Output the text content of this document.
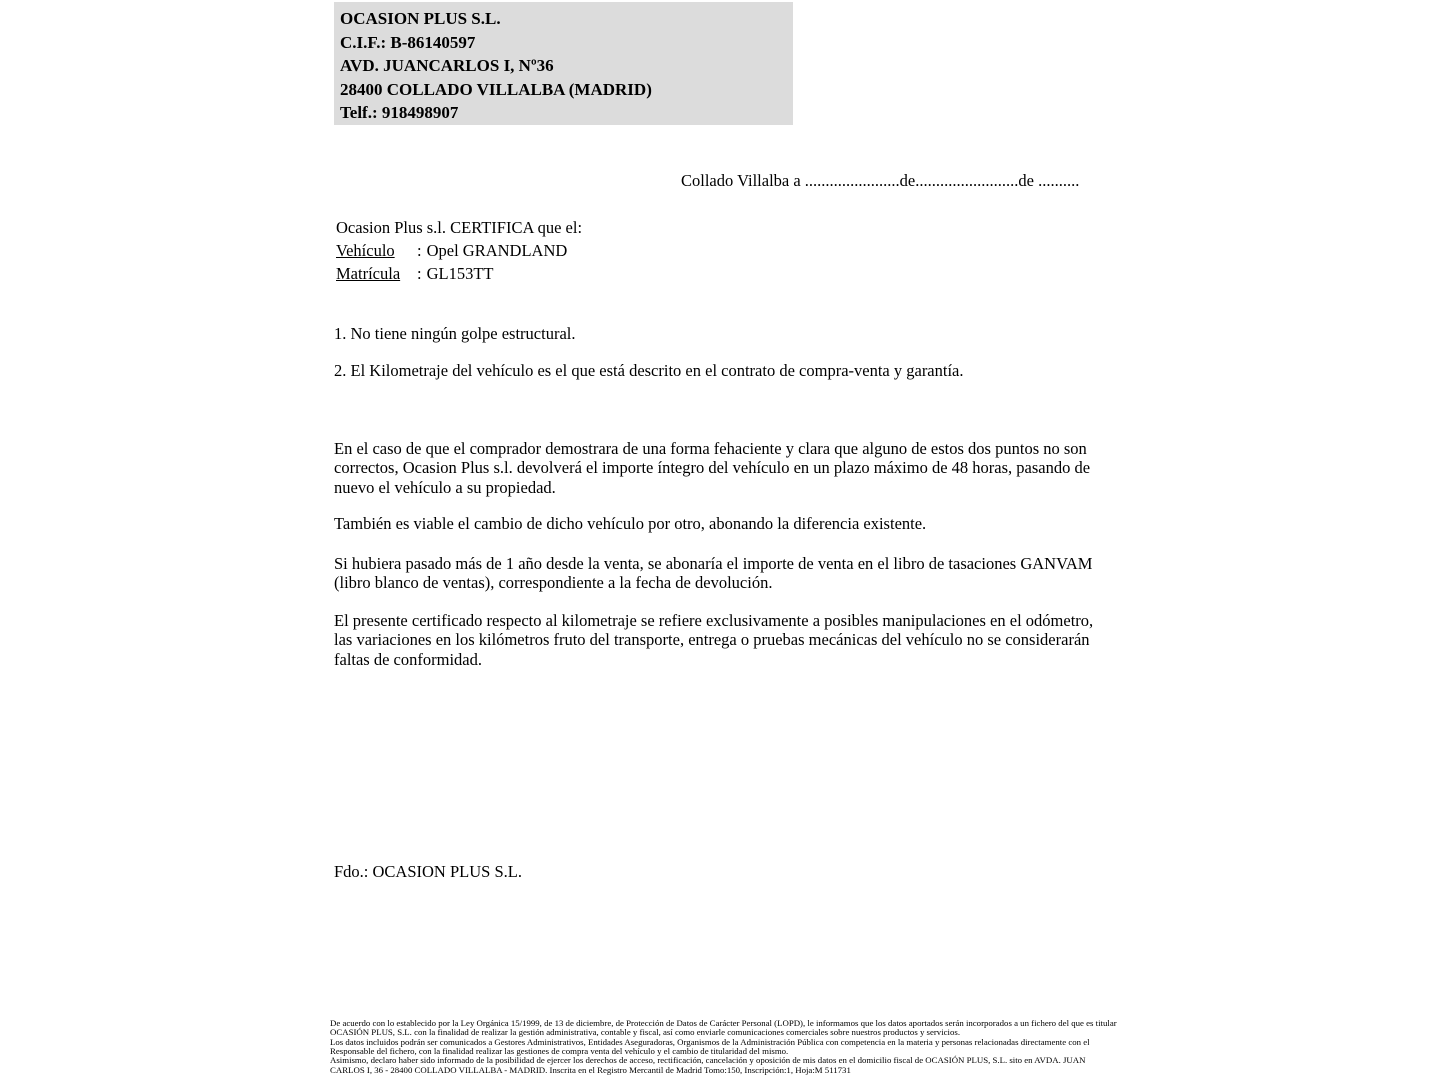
OCASION PLUS S.L.
C.I.F.: B-86140597
AVD. JUANCARLOS I, Nº36
28400 COLLADO VILLALBA (MADRID)
Telf.: 918498907
Collado Villalba a .......................de.........................de ..........
Ocasion Plus s.l. CERTIFICA que el:
Vehículo : Opel GRANDLAND
Matrícula : GL153TT
1. No tiene ningún golpe estructural.
2. El Kilometraje del vehículo es el que está descrito en el contrato de compra-venta y garantía.
En el caso de que el comprador demostrara de una forma fehaciente y clara que alguno de estos dos puntos no son correctos, Ocasion Plus s.l. devolverá el importe íntegro del vehículo en un plazo máximo de 48 horas, pasando de nuevo el vehículo a su propiedad.
También es viable el cambio de dicho vehículo por otro, abonando la diferencia existente.
Si hubiera pasado más de 1 año desde la venta, se abonaría el importe de venta en el libro de tasaciones GANVAM (libro blanco de ventas), correspondiente a la fecha de devolución.
El presente certificado respecto al kilometraje se refiere exclusivamente a posibles manipulaciones en el odómetro, las variaciones en los kilómetros fruto del transporte, entrega o pruebas mecánicas del vehículo no se considerarán faltas de conformidad.
Fdo.: OCASION PLUS S.L.
De acuerdo con lo establecido por la Ley Orgánica 15/1999, de 13 de diciembre, de Protección de Datos de Carácter Personal (LOPD), le informamos que los datos aportados serán incorporados a un fichero del que es titular
OCASIÓN PLUS, S.L. con la finalidad de realizar la gestión administrativa, contable y fiscal, así como enviarle comunicaciones comerciales sobre nuestros productos y servicios.
Los datos incluidos podrán ser comunicados a Gestores Administrativos, Entidades Aseguradoras, Organismos de la Administración Pública con competencia en la materia y personas relacionadas directamente con el
Responsable del fichero, con la finalidad realizar las gestiones de compra venta del vehículo y el cambio de titularidad del mismo.
Asimismo, declaro haber sido informado de la posibilidad de ejercer los derechos de acceso, rectificación, cancelación y oposición de mis datos en el domicilio fiscal de OCASIÓN PLUS, S.L. sito en AVDA. JUAN
CARLOS I, 36 - 28400 COLLADO VILLALBA - MADRID. Inscrita en el Registro Mercantil de Madrid Tomo:150, Inscripción:1, Hoja:M 511731
